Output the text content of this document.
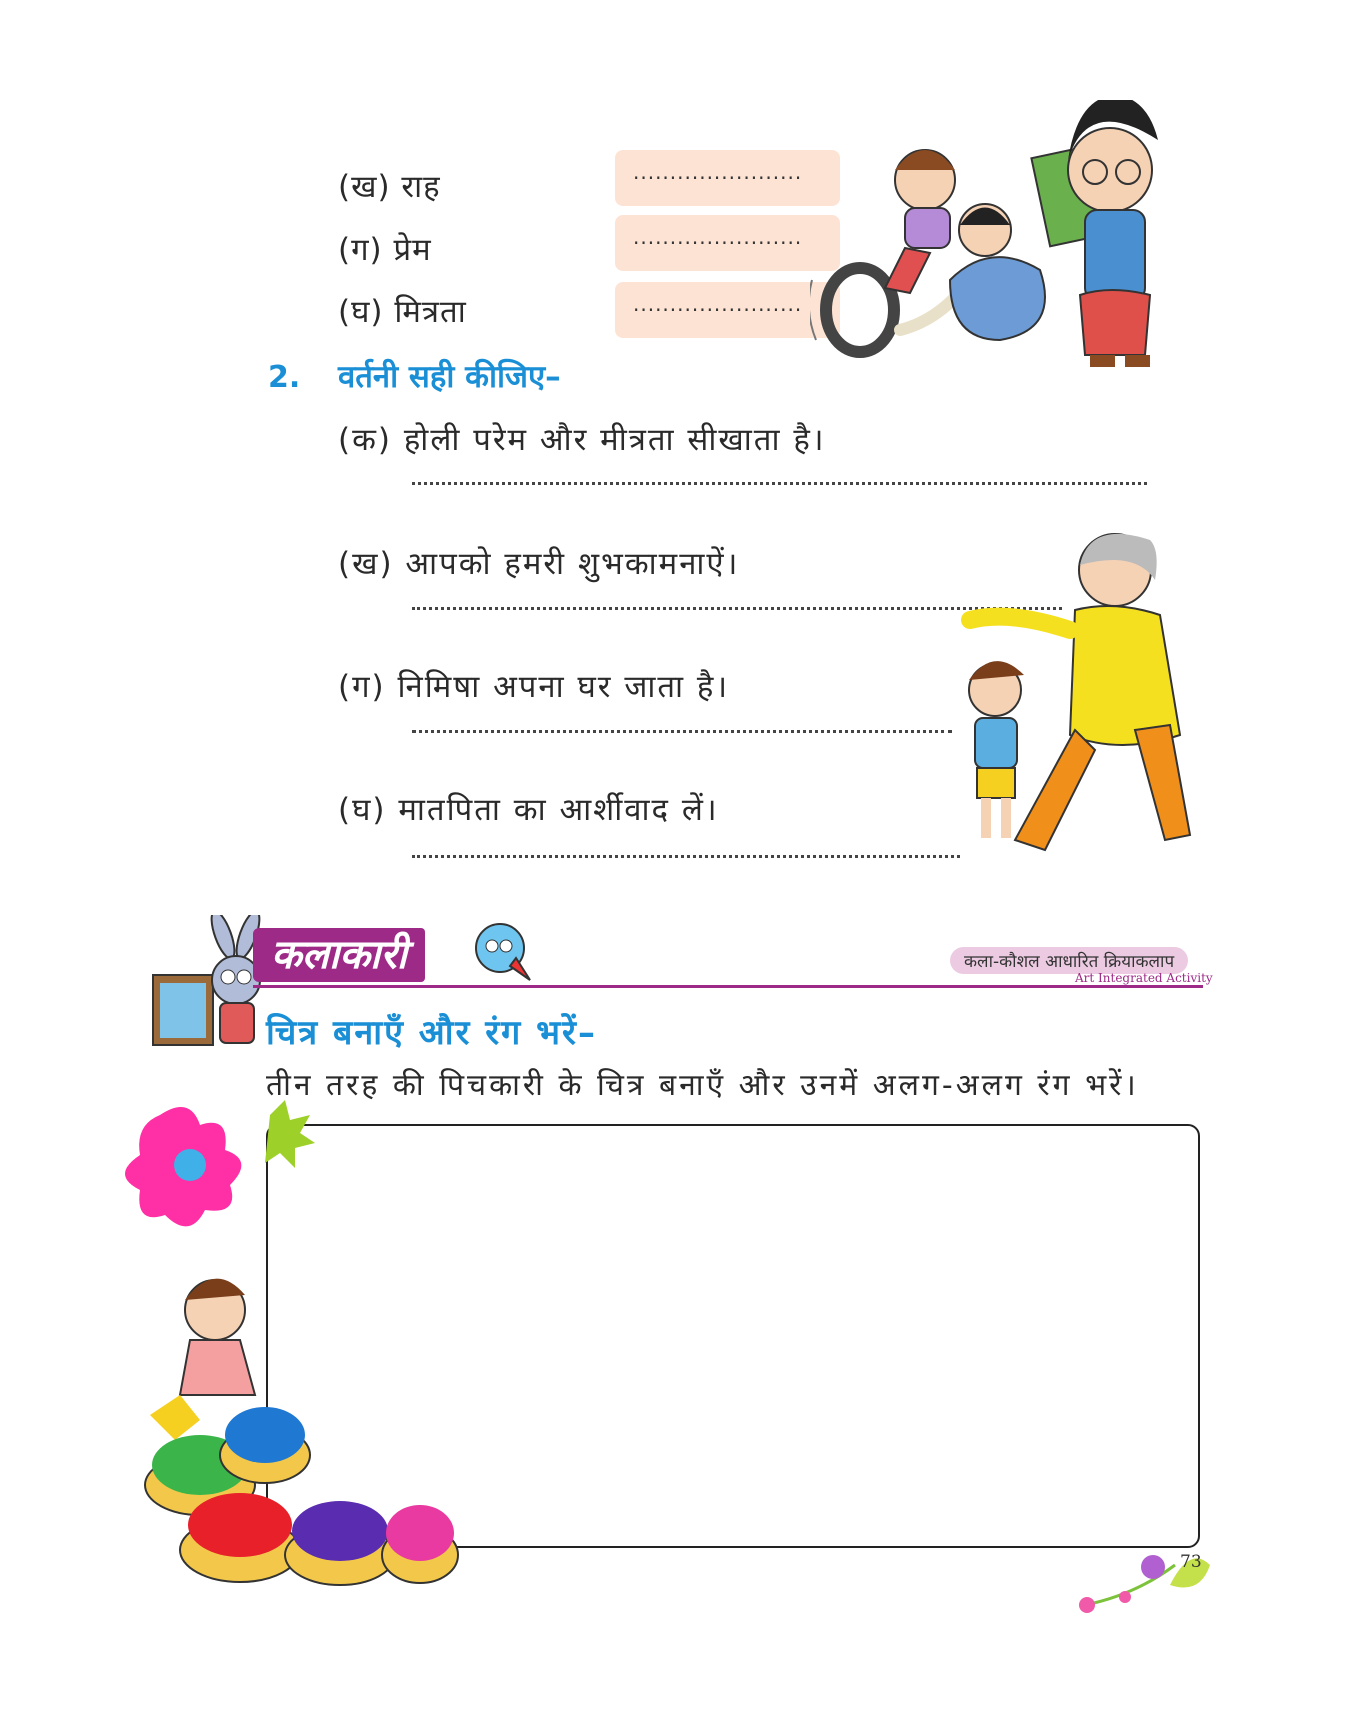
(ख) राह	.......................
(ग) प्रेम	.......................
(घ) मित्रता	.......................
2. वर्तनी सही कीजिए–
(क) होली परेम और मीत्रता सीखाता है।
(ख) आपको हमरी शुभकामनाऐं।
(ग) निमिषा अपना घर जाता है।
(घ) मातपिता का आर्शीवाद लें।
कलाकारी	कला-कौशल आधारित क्रियाकलाप
Art Integrated Activity
चित्र बनाएँ और रंग भरें–
तीन तरह की पिचकारी के चित्र बनाएँ और उनमें अलग-अलग रंग भरें।
73
